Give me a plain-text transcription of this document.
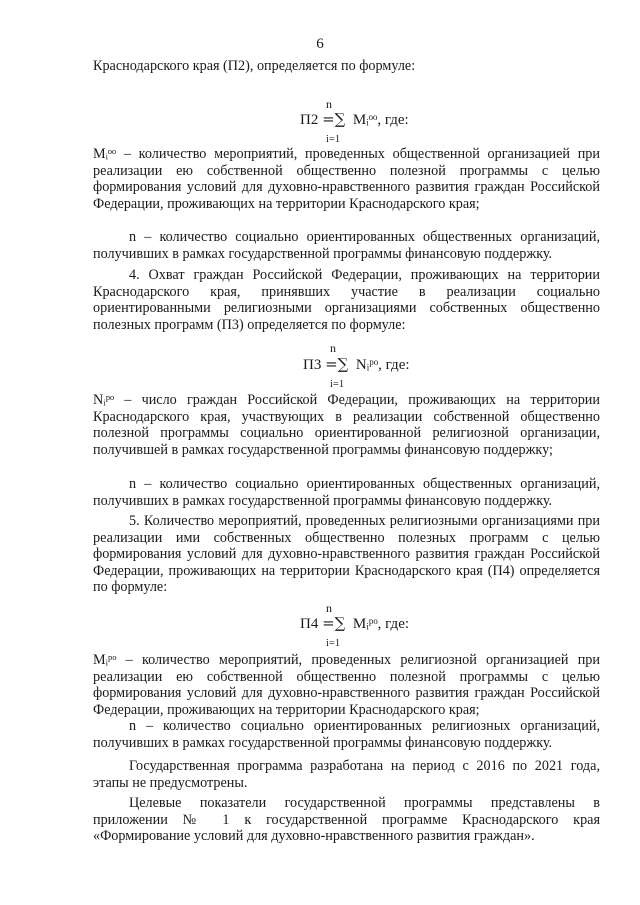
6

Краснодарского края (П2), определяется по формуле:

n
П2 =∑ Mᵢᵒᵒ, где:
i=1

Mᵢᵒᵒ – количество мероприятий, проведенных общественной организацией при реализации ею собственной общественно полезной программы с целью формирования условий для духовно-нравственного развития граждан Российской Федерации, проживающих на территории Краснодарского края;

n – количество социально ориентированных общественных организаций, получивших в рамках государственной программы финансовую поддержку.

4. Охват граждан Российской Федерации, проживающих на территории Краснодарского края, принявших участие в реализации социально ориентированными религиозными организациями собственных общественно полезных программ (П3) определяется по формуле:

n
П3 =∑ Nᵢᵖᵒ, где:
i=1

Nᵢᵖᵒ – число граждан Российской Федерации, проживающих на территории Краснодарского края, участвующих в реализации собственной общественно полезной программы социально ориентированной религиозной организации, получившей в рамках государственной программы финансовую поддержку;

n – количество социально ориентированных общественных организаций, получивших в рамках государственной программы финансовую поддержку.

5. Количество мероприятий, проведенных религиозными организациями при реализации ими собственных общественно полезных программ с целью формирования условий для духовно-нравственного развития граждан Российской Федерации, проживающих на территории Краснодарского края (П4) определяется по формуле:

n
П4 =∑ Mᵢᵖᵒ, где:
i=1

Mᵢᵖᵒ – количество мероприятий, проведенных религиозной организацией при реализации ею собственной общественно полезной программы с целью формирования условий для духовно-нравственного развития граждан Российской Федерации, проживающих на территории Краснодарского края;

n – количество социально ориентированных религиозных организаций, получивших в рамках государственной программы финансовую поддержку.

Государственная программа разработана на период с 2016 по 2021 года, этапы не предусмотрены.

Целевые показатели государственной программы представлены в приложении № 1 к государственной программе Краснодарского края «Формирование условий для духовно-нравственного развития граждан».
